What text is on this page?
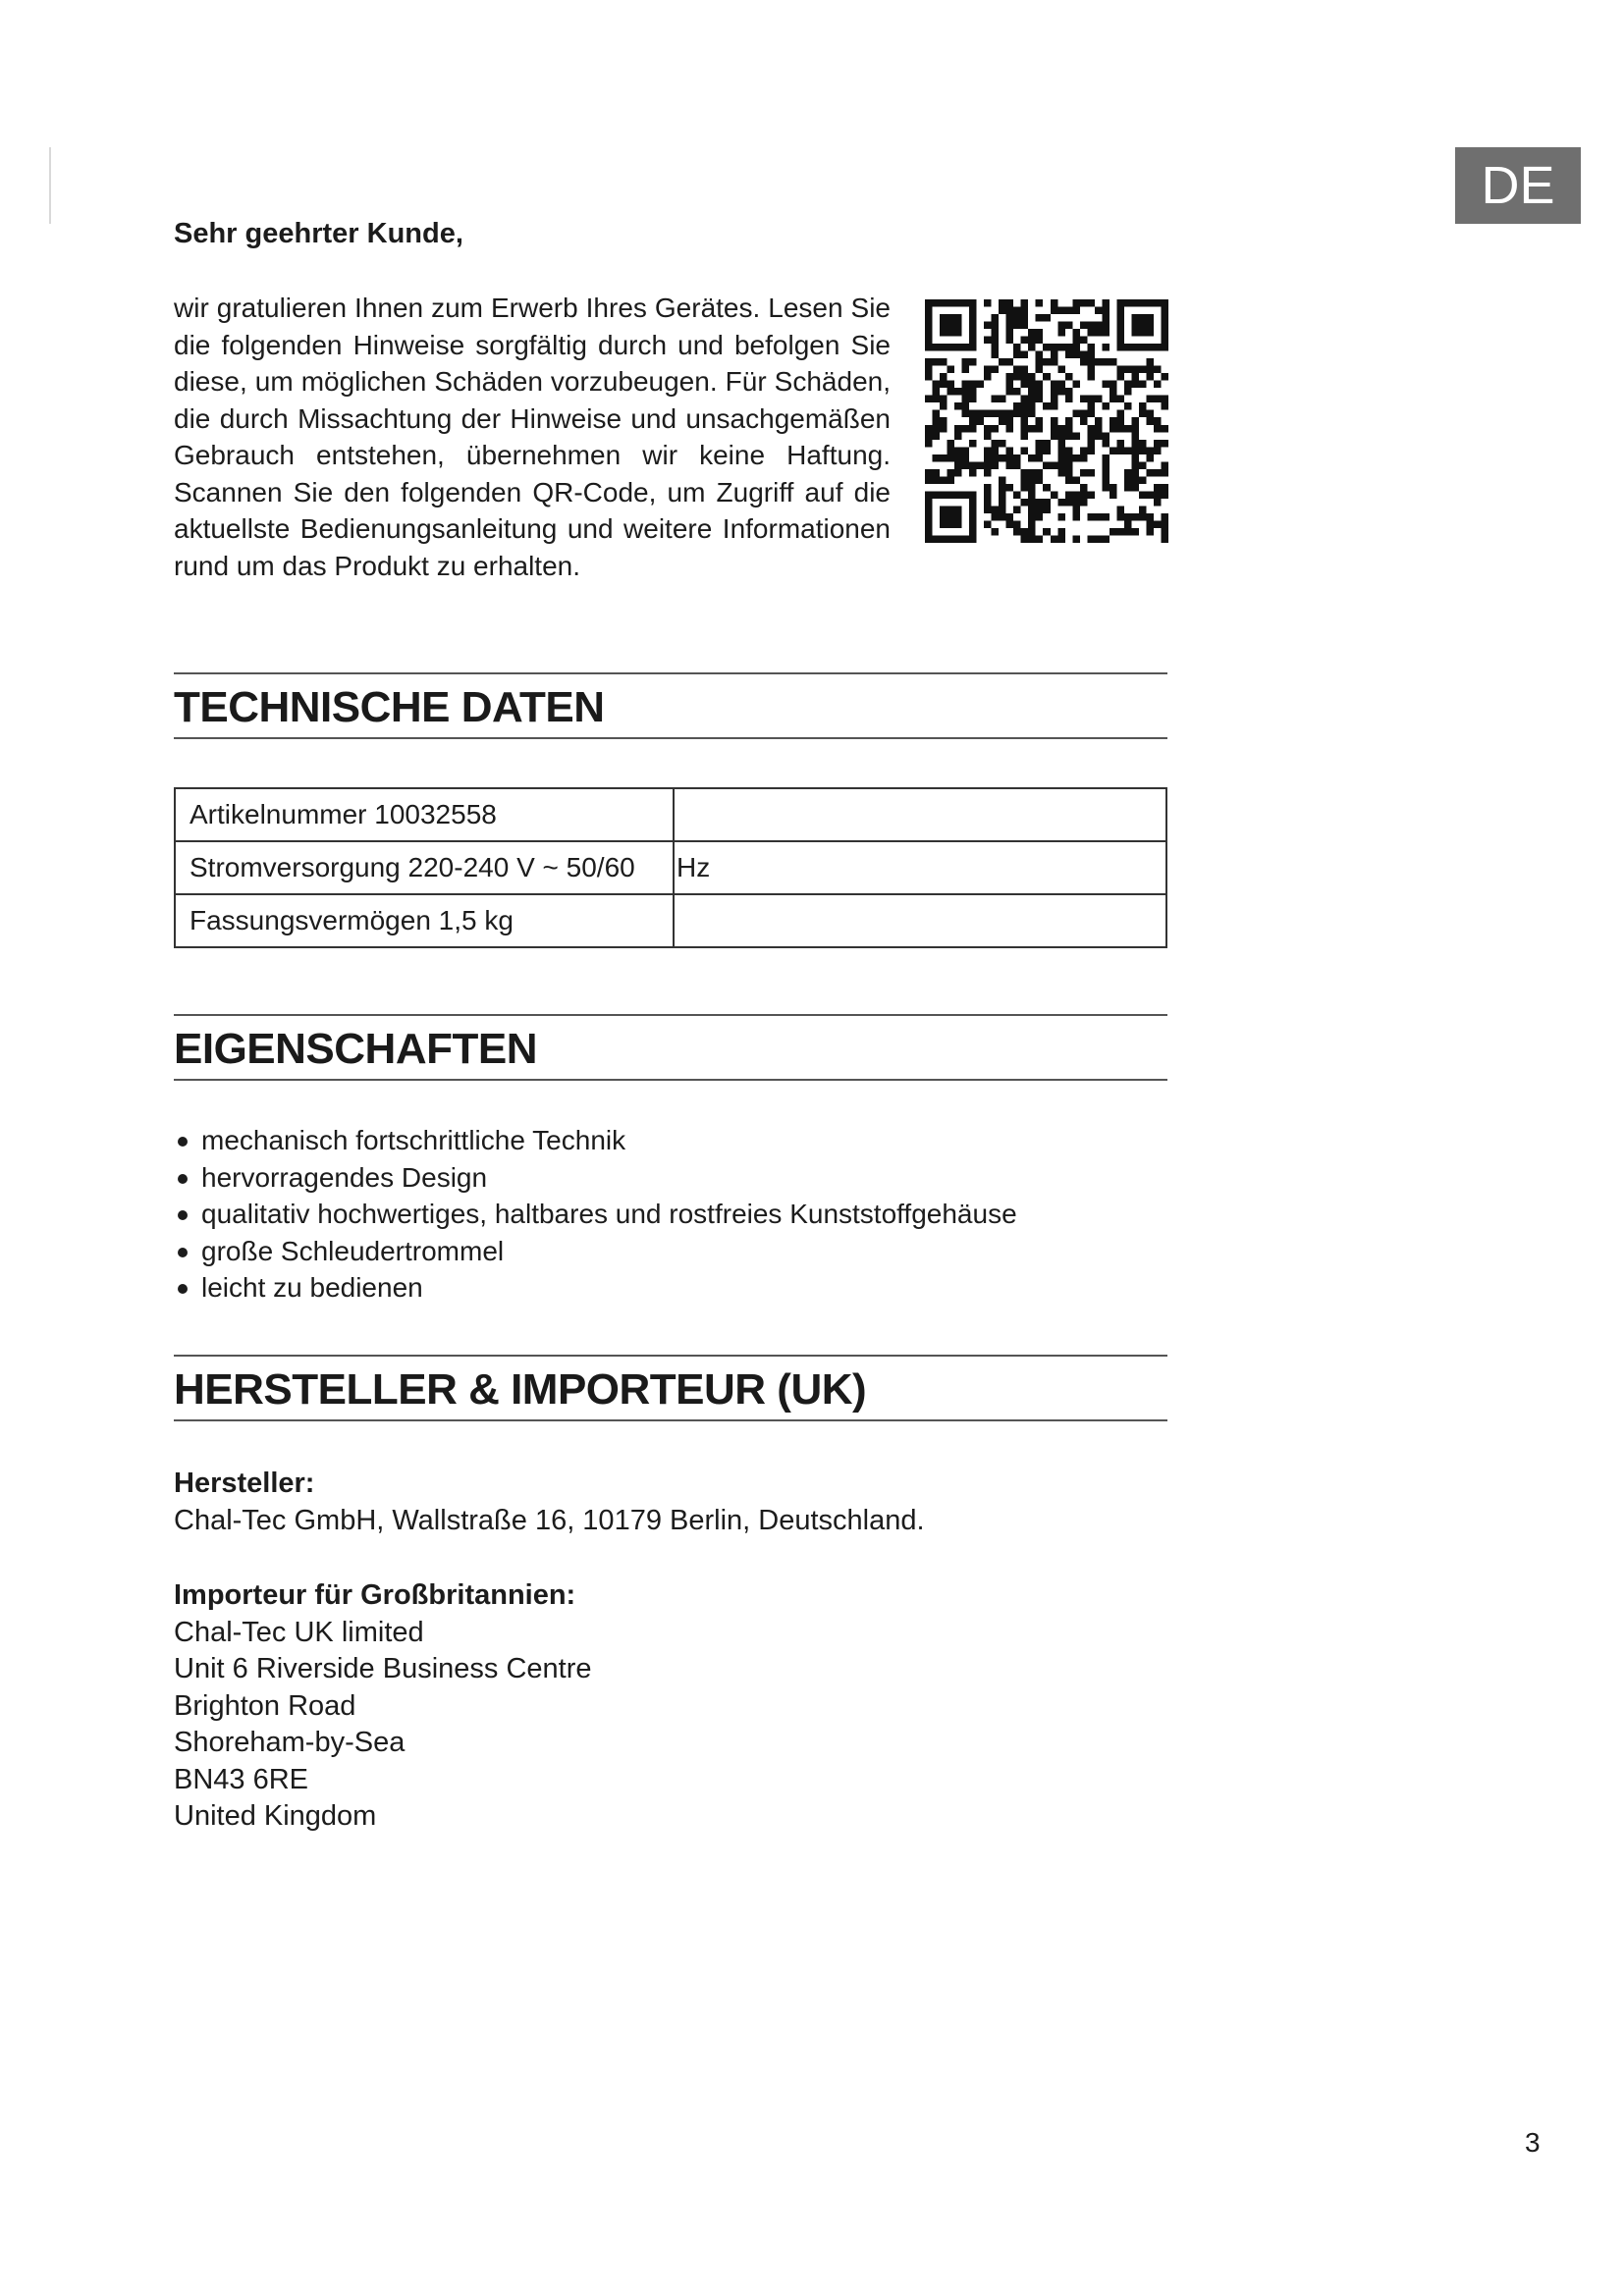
DE
Sehr geehrter Kunde,

wir gratulieren Ihnen zum Erwerb Ihres Gerätes. Lesen Sie die folgenden Hinweise sorgfältig durch und befolgen Sie diese, um möglichen Schäden vorzubeugen. Für Schäden, die durch Missachtung der Hinweise und unsachgemäßen Gebrauch entstehen, übernehmen wir keine Haftung. Scannen Sie den folgenden QR-Code, um Zugriff auf die aktuellste Bedienungsanleitung und weitere Informationen rund um das Produkt zu erhalten.

TECHNISCHE DATEN
Artikelnummer 10032558	
Stromversorgung 220-240 V ~ 50/60	Hz
Fassungsvermögen 1,5 kg	
EIGENSCHAFTEN
mechanisch fortschrittliche Technik
hervorragendes Design
qualitativ hochwertiges, haltbares und rostfreies Kunststoffgehäuse
große Schleudertrommel
leicht zu bedienen
HERSTELLER & IMPORTEUR (UK)
Hersteller:
Chal-Tec GmbH, Wallstraße 16, 10179 Berlin, Deutschland.
Importeur für Großbritannien:
Chal-Tec UK limited
Unit 6 Riverside Business Centre
Brighton Road
Shoreham-by-Sea
BN43 6RE
United Kingdom
3
